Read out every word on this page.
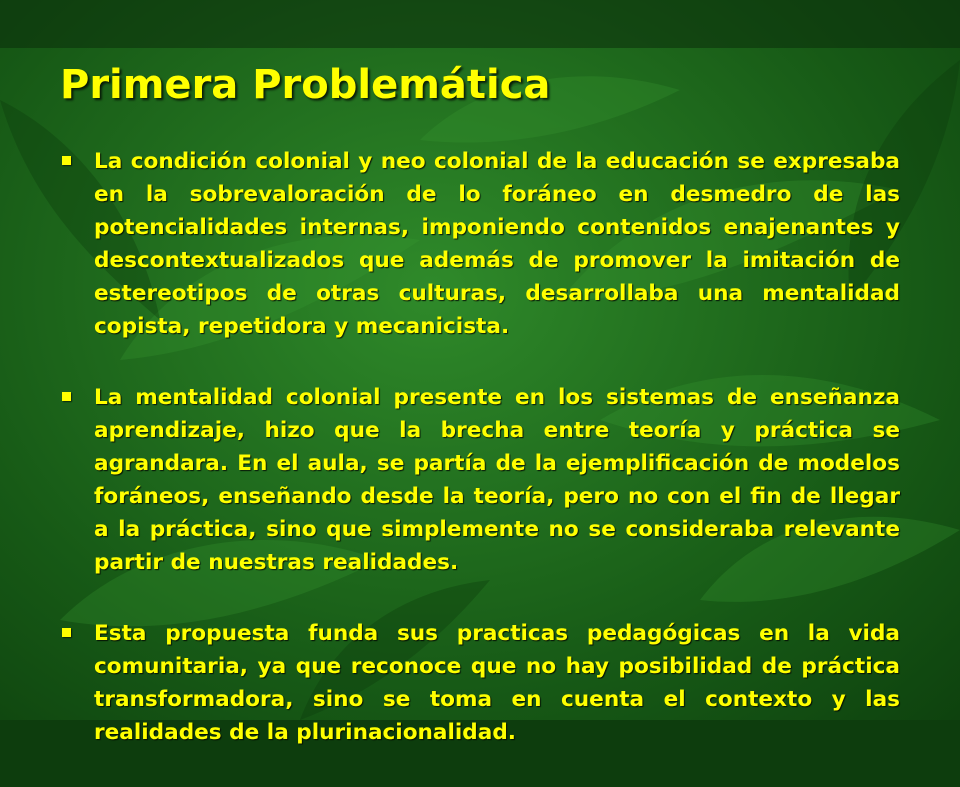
Primera Problemática
La condición colonial y neo colonial de la educación se expresaba en la sobrevaloración de lo foráneo en desmedro de las potencialidades internas, imponiendo contenidos enajenantes y descontextualizados que además de promover la imitación de estereotipos de otras culturas, desarrollaba una mentalidad copista, repetidora y mecanicista.
La mentalidad colonial presente en los sistemas de enseñanza aprendizaje, hizo que la brecha entre teoría y práctica se agrandara. En el aula, se partía de la ejemplificación de modelos foráneos, enseñando desde la teoría, pero no con el fin de llegar a la práctica, sino que simplemente no se consideraba relevante partir de nuestras realidades.
Esta propuesta funda sus practicas pedagógicas en la vida comunitaria, ya que reconoce que no hay posibilidad de práctica transformadora, sino se toma en cuenta el contexto y las realidades de la plurinacionalidad.
